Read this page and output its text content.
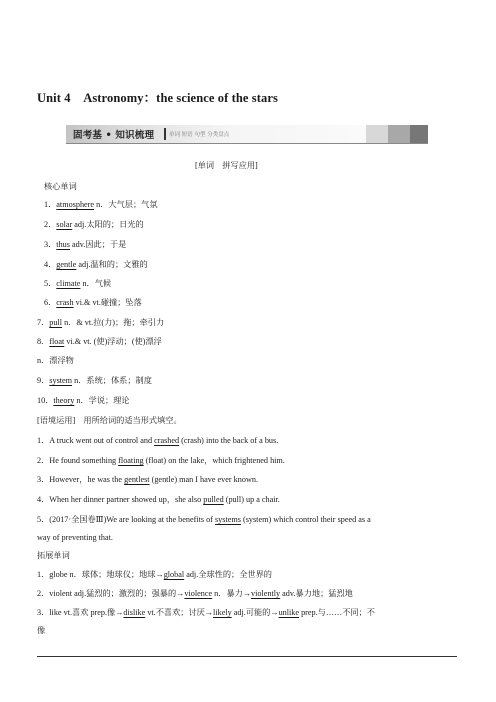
Unit 4　Astronomy：the science of the stars
固考基 • 知识梳理	单词 短语 句型 分类盘点
[单词　拼写应用]
核心单词
1．atmosphere n．大气层；气氛
2．solar adj.太阳的；日光的
3．thus adv.因此；于是
4．gentle adj.温和的；文雅的
5．climate n．气候
6．crash vi.& vt.碰撞；坠落
7．pull n．& vt.拉(力)；拖；牵引力
8．float vi.& vt. (使)浮动；(使)漂浮
n．漂浮物
9．system n．系统；体系；制度
10．theory n．学说；理论
[语境运用]　用所给词的适当形式填空。
1．A truck went out of control and crashed (crash) into the back of a bus.
2．He found something floating (float) on the lake，which frightened him.
3．However，he was the gentlest (gentle) man I have ever known.
4．When her dinner partner showed up，she also pulled (pull) up a chair.
5．(2017·全国卷Ⅲ)We are looking at the benefits of systems (system) which control their speed as a
way of preventing that.
拓展单词
1．globe n．球体；地球仪；地球→global adj.全球性的；全世界的
2．violent adj.猛烈的；激烈的；强暴的→violence n．暴力→violently adv.暴力地；猛烈地
3．like vt.喜欢 prep.像→dislike vt.不喜欢；讨厌→likely adj.可能的→unlike prep.与……不同；不
像
